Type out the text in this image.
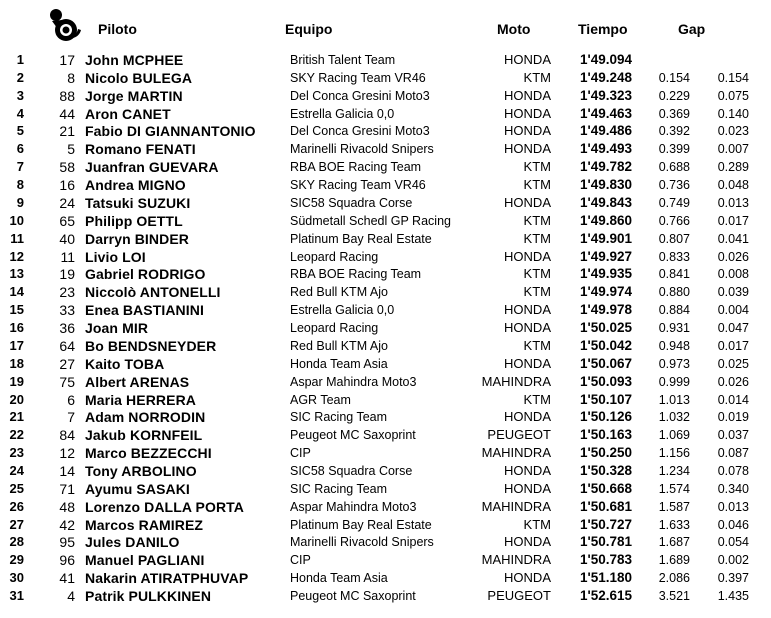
Piloto	Equipo	Moto	Tiempo	Gap
1	17 John MCPHEE	British Talent Team	HONDA 1'49.094
2	8 Nicolo BULEGA	SKY Racing Team VR46	KTM 1'49.248 0.154 0.154
3	88 Jorge MARTIN	Del Conca Gresini Moto3	HONDA 1'49.323 0.229 0.075
4	44 Aron CANET	Estrella Galicia 0,0	HONDA 1'49.463 0.369 0.140
5	21 Fabio DI GIANNANTONIO	Del Conca Gresini Moto3	HONDA 1'49.486 0.392 0.023
6	5 Romano FENATI	Marinelli Rivacold Snipers	HONDA 1'49.493 0.399 0.007
7	58 Juanfran GUEVARA	RBA BOE Racing Team	KTM 1'49.782 0.688 0.289
8	16 Andrea MIGNO	SKY Racing Team VR46	KTM 1'49.830 0.736 0.048
9	24 Tatsuki SUZUKI	SIC58 Squadra Corse	HONDA 1'49.843 0.749 0.013
10	65 Philipp OETTL	Südmetall Schedl GP Racing	KTM 1'49.860 0.766 0.017
11	40 Darryn BINDER	Platinum Bay Real Estate	KTM 1'49.901 0.807 0.041
12	11 Livio LOI	Leopard Racing	HONDA 1'49.927 0.833 0.026
13	19 Gabriel RODRIGO	RBA BOE Racing Team	KTM 1'49.935 0.841 0.008
14	23 Niccolò ANTONELLI	Red Bull KTM Ajo	KTM 1'49.974 0.880 0.039
15	33 Enea BASTIANINI	Estrella Galicia 0,0	HONDA 1'49.978 0.884 0.004
16	36 Joan MIR	Leopard Racing	HONDA 1'50.025 0.931 0.047
17	64 Bo BENDSNEYDER	Red Bull KTM Ajo	KTM 1'50.042 0.948 0.017
18	27 Kaito TOBA	Honda Team Asia	HONDA 1'50.067 0.973 0.025
19	75 Albert ARENAS	Aspar Mahindra Moto3	MAHINDRA 1'50.093 0.999 0.026
20	6 Maria HERRERA	AGR Team	KTM 1'50.107 1.013 0.014
21	7 Adam NORRODIN	SIC Racing Team	HONDA 1'50.126 1.032 0.019
22	84 Jakub KORNFEIL	Peugeot MC Saxoprint	PEUGEOT 1'50.163 1.069 0.037
23	12 Marco BEZZECCHI	CIP	MAHINDRA 1'50.250 1.156 0.087
24	14 Tony ARBOLINO	SIC58 Squadra Corse	HONDA 1'50.328 1.234 0.078
25	71 Ayumu SASAKI	SIC Racing Team	HONDA 1'50.668 1.574 0.340
26	48 Lorenzo DALLA PORTA	Aspar Mahindra Moto3	MAHINDRA 1'50.681 1.587 0.013
27	42 Marcos RAMIREZ	Platinum Bay Real Estate	KTM 1'50.727 1.633 0.046
28	95 Jules DANILO	Marinelli Rivacold Snipers	HONDA 1'50.781 1.687 0.054
29	96 Manuel PAGLIANI	CIP	MAHINDRA 1'50.783 1.689 0.002
30	41 Nakarin ATIRATPHUVAP	Honda Team Asia	HONDA 1'51.180 2.086 0.397
31	4 Patrik PULKKINEN	Peugeot MC Saxoprint	PEUGEOT 1'52.615 3.521 1.435
